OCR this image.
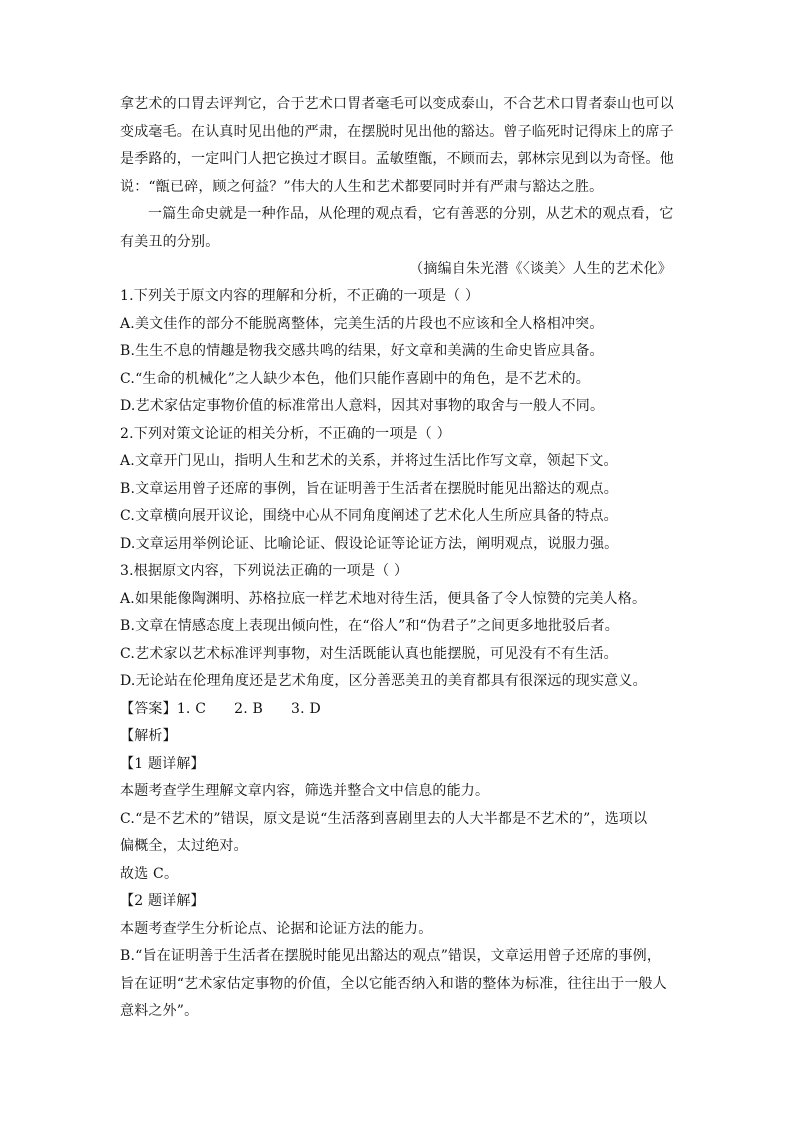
拿艺术的口胃去评判它，合于艺术口胃者毫毛可以变成泰山，不合艺术口胃者泰山也可以
变成毫毛。在认真时见出他的严肃，在摆脱时见出他的豁达。曾子临死时记得床上的席子
是季路的，一定叫门人把它换过才瞑目。孟敏堕甑，不顾而去，郭林宗见到以为奇怪。他
说：“甑已碎，顾之何益？”伟大的人生和艺术都要同时并有严肃与豁达之胜。
一篇生命史就是一种作品，从伦理的观点看，它有善恶的分别，从艺术的观点看，它
有美丑的分别。
（摘编自朱光潜《〈谈美〉人生的艺术化》
1.下列关于原文内容的理解和分析，不正确的一项是（ ）
A.美文佳作的部分不能脱离整体，完美生活的片段也不应该和全人格相冲突。
B.生生不息的情趣是物我交感共鸣的结果，好文章和美满的生命史皆应具备。
C.“生命的机械化”之人缺少本色，他们只能作喜剧中的角色，是不艺术的。
D.艺术家估定事物价值的标准常出人意料，因其对事物的取舍与一般人不同。
2.下列对策文论证的相关分析，不正确的一项是（ ）
A.文章开门见山，指明人生和艺术的关系，并将过生活比作写文章，领起下文。
B.文章运用曾子还席的事例，旨在证明善于生活者在摆脱时能见出豁达的观点。
C.文章横向展开议论，围绕中心从不同角度阐述了艺术化人生所应具备的特点。
D.文章运用举例论证、比喻论证、假设论证等论证方法，阐明观点，说服力强。
3.根据原文内容，下列说法正确的一项是（ ）
A.如果能像陶渊明、苏格拉底一样艺术地对待生活，便具备了令人惊赞的完美人格。
B.文章在情感态度上表现出倾向性，在“俗人”和“伪君子”之间更多地批驳后者。
C.艺术家以艺术标准评判事物，对生活既能认真也能摆脱，可见没有不有生活。
D.无论站在伦理角度还是艺术角度，区分善恶美丑的美育都具有很深远的现实意义。
【答案】1. C 2. B 3. D
【解析】
【1 题详解】
本题考查学生理解文章内容，筛选并整合文中信息的能力。
C.“是不艺术的”错误，原文是说“生活落到喜剧里去的人大半都是不艺术的”，选项以
偏概全，太过绝对。
故选 C。
【2 题详解】
本题考查学生分析论点、论据和论证方法的能力。
B.“旨在证明善于生活者在摆脱时能见出豁达的观点”错误，文章运用曾子还席的事例，
旨在证明“艺术家估定事物的价值，全以它能否纳入和谐的整体为标准，往往出于一般人
意料之外”。
